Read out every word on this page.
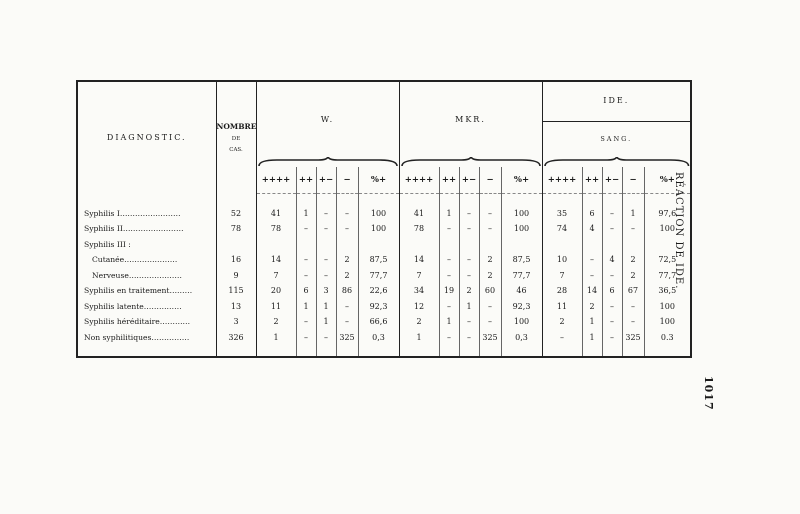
DIAGNOSTIC.	NOMBRE
DE
CAS.	W.					MKR.					IDE.				
												SANG.				

		++++	++	+−	−	%+	++++	++	+−	−	%+	++++	++	+−	−	%+

Syphilis I……………………	52	41	1	–	–	100	41	1	–	–	100	35	6	–	1	97,6
Syphilis II……………………	78	78	–	–	–	100	78	–	–	–	100	74	4	–	–	100
Syphilis III :																
Cutanée…………………	16	14	–	–	2	87,5	14	–	–	2	87,5	10	–	4	2	72,5
Nerveuse…………………	9	7	–	–	2	77,7	7	–	–	2	77,7	7	–	–	2	77,7
Syphilis en traitement………	115	20	6	3	86	22,6	34	19	2	60	46	28	14	6	67	36,5
Syphilis latente……………	13	11	1	1	–	92,3	12	–	1	–	92,3	11	2	–	–	100
Syphilis héréditaire…………	3	2	–	1	–	66,6	2	1	–	–	100	2	1	–	–	100
Non syphilitiques……………	326	1	–	–	325	0,3	1	–	–	325	0,3	–	1	–	325	0.3

RÉACTION DE IDE.
1017
